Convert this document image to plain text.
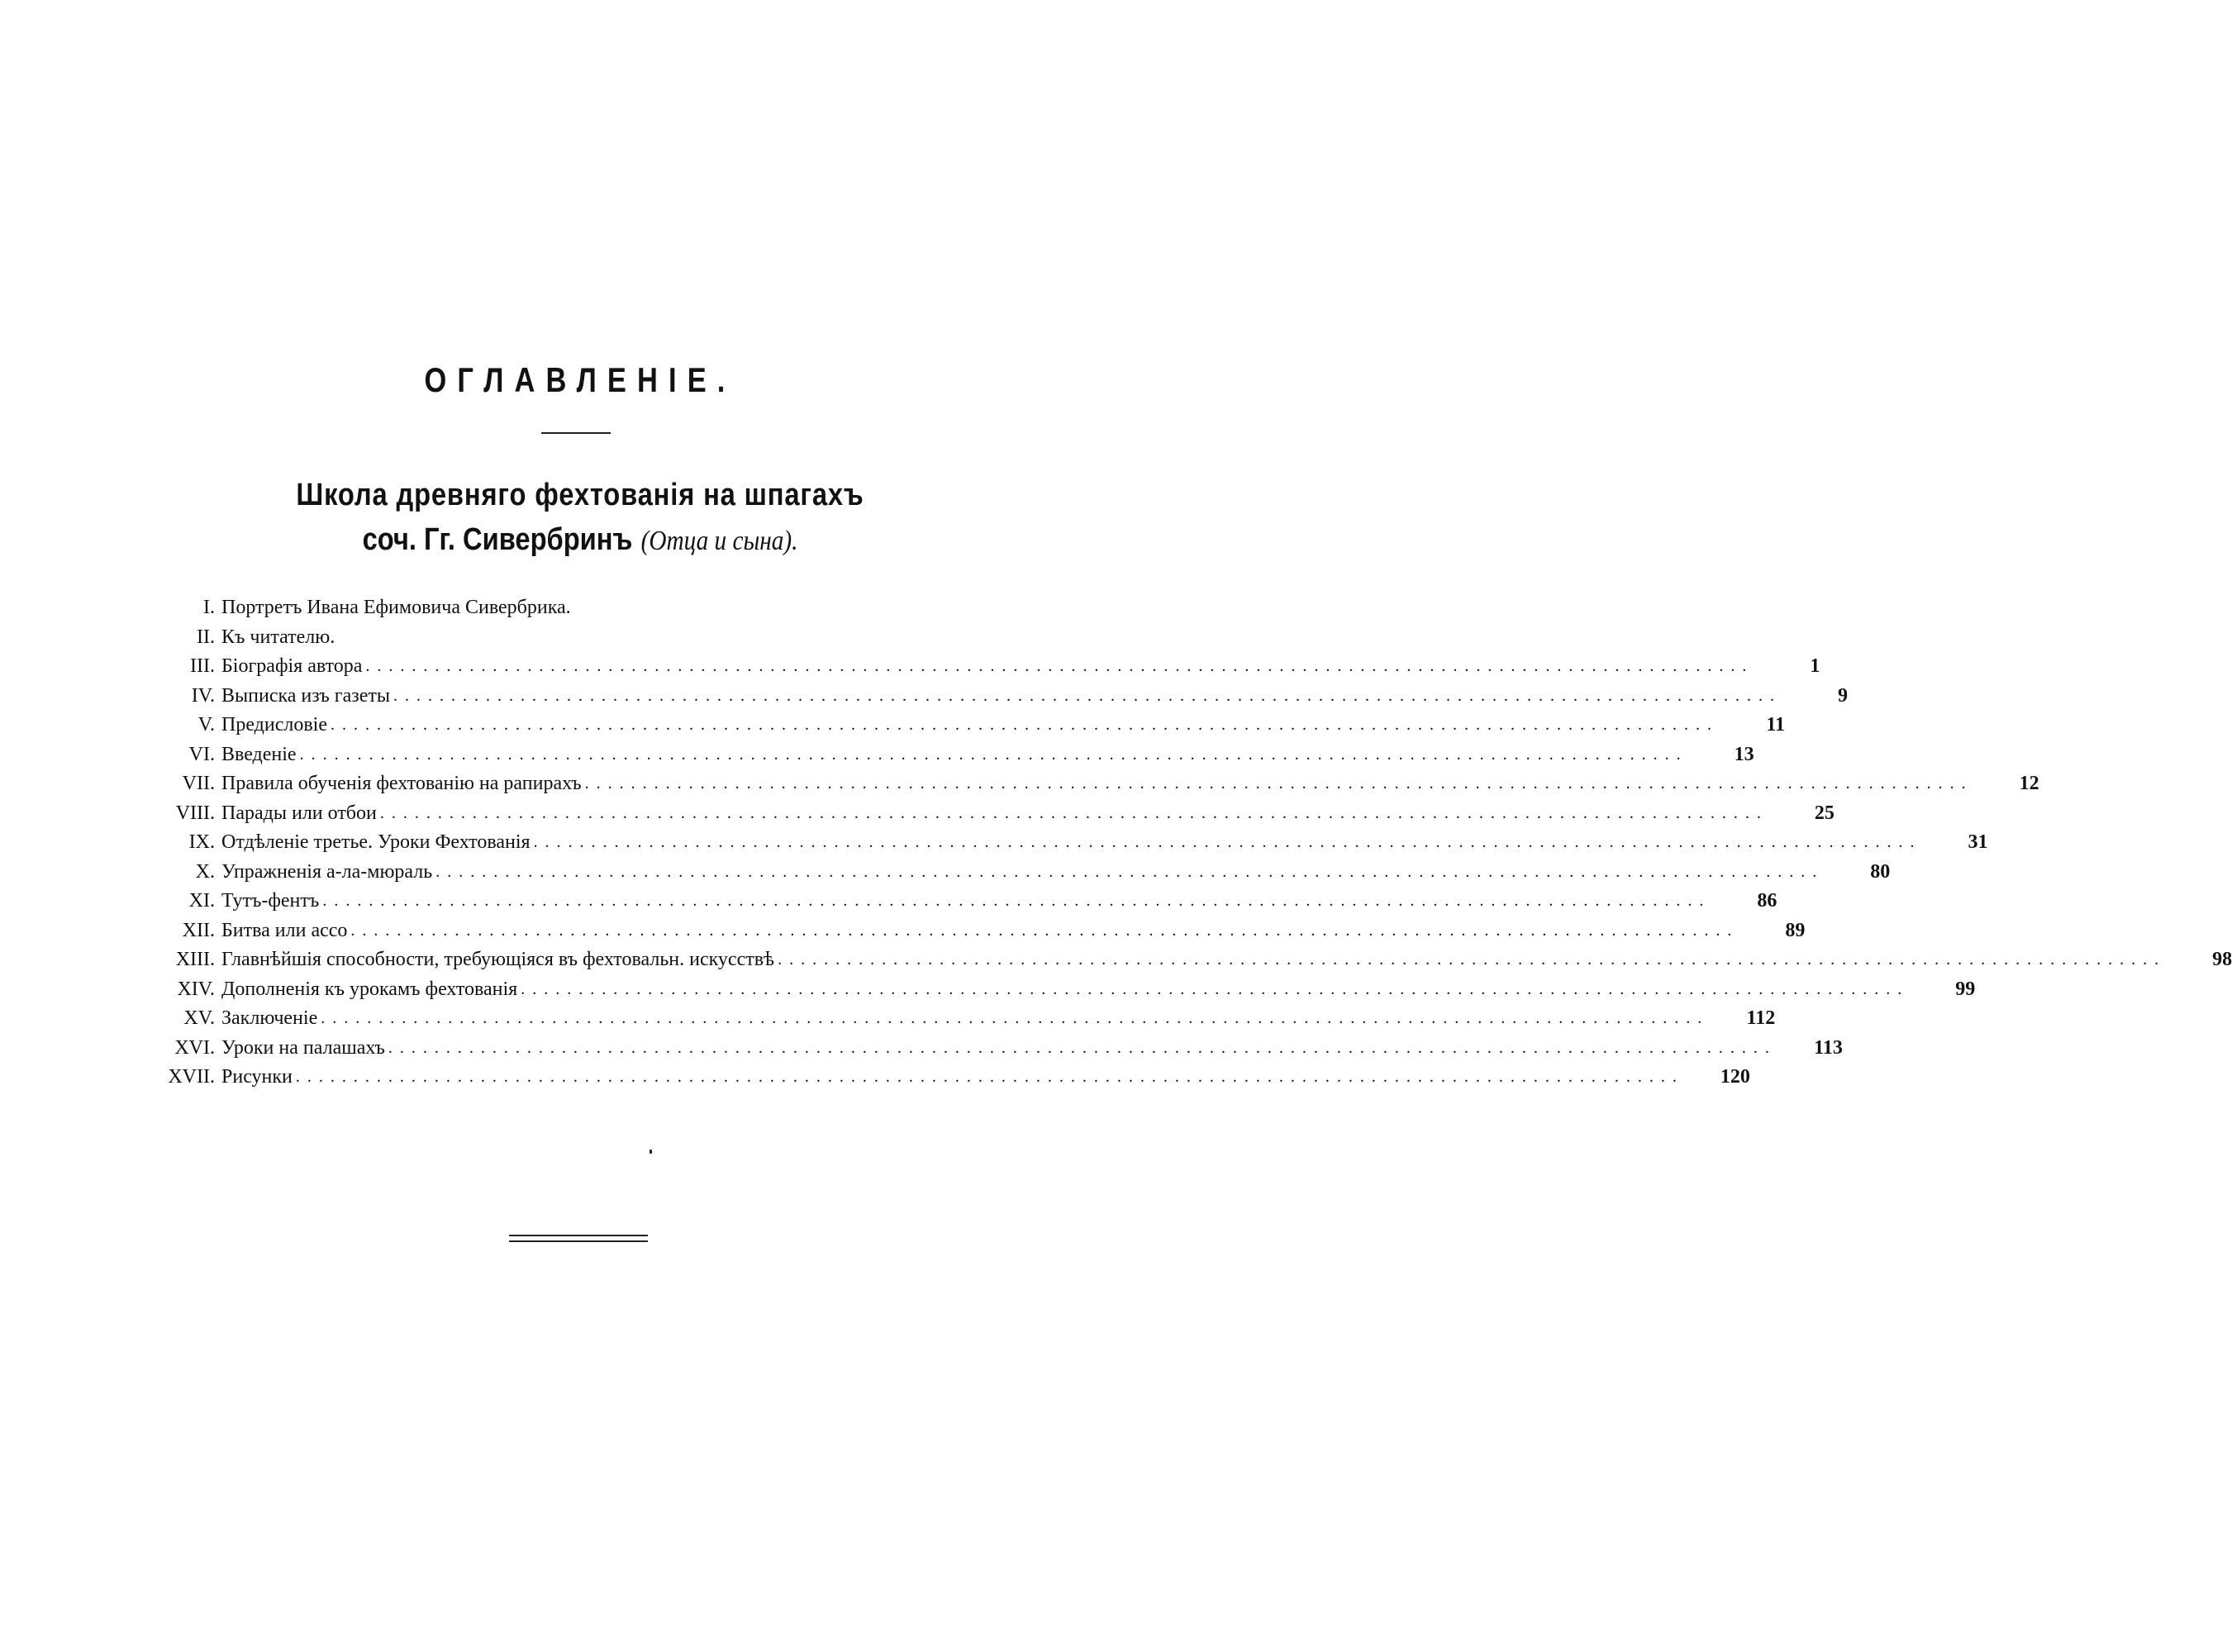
ОГЛАВЛЕНІЕ.
Школа древняго фехтованія на шпагахъ
соч. Гг. Сивербринъ (Отца и сына).
I. Портретъ Ивана Ефимовича Сивербрика.
II. Къ читателю.
III. Біографія автора ........................................................................................................................	1
IV. Выписка изъ газеты ........................................................................................................................	9
V. Предисловіе ........................................................................................................................	11
VI. Введеніе ........................................................................................................................	13
VII. Правила обученія фехтованію на рапирахъ ........................................................................................................................	12
VIII. Парады или отбои ........................................................................................................................	25
IX. Отдѣленіе третье. Уроки Фехтованія ........................................................................................................................	31
X. Упражненія а-ла-мюраль ........................................................................................................................	80
XI. Тутъ-фентъ ........................................................................................................................	86
XII. Битва или ассо ........................................................................................................................	89
XIII. Главнѣйшія способности, требующіяся въ фехтовальн. искусствѣ ........................................................................................................................	98
XIV. Дополненія къ урокамъ фехтованія ........................................................................................................................	99
XV. Заключеніе ........................................................................................................................	112
XVI. Уроки на палашахъ ........................................................................................................................	113
XVII. Рисунки ........................................................................................................................	120
